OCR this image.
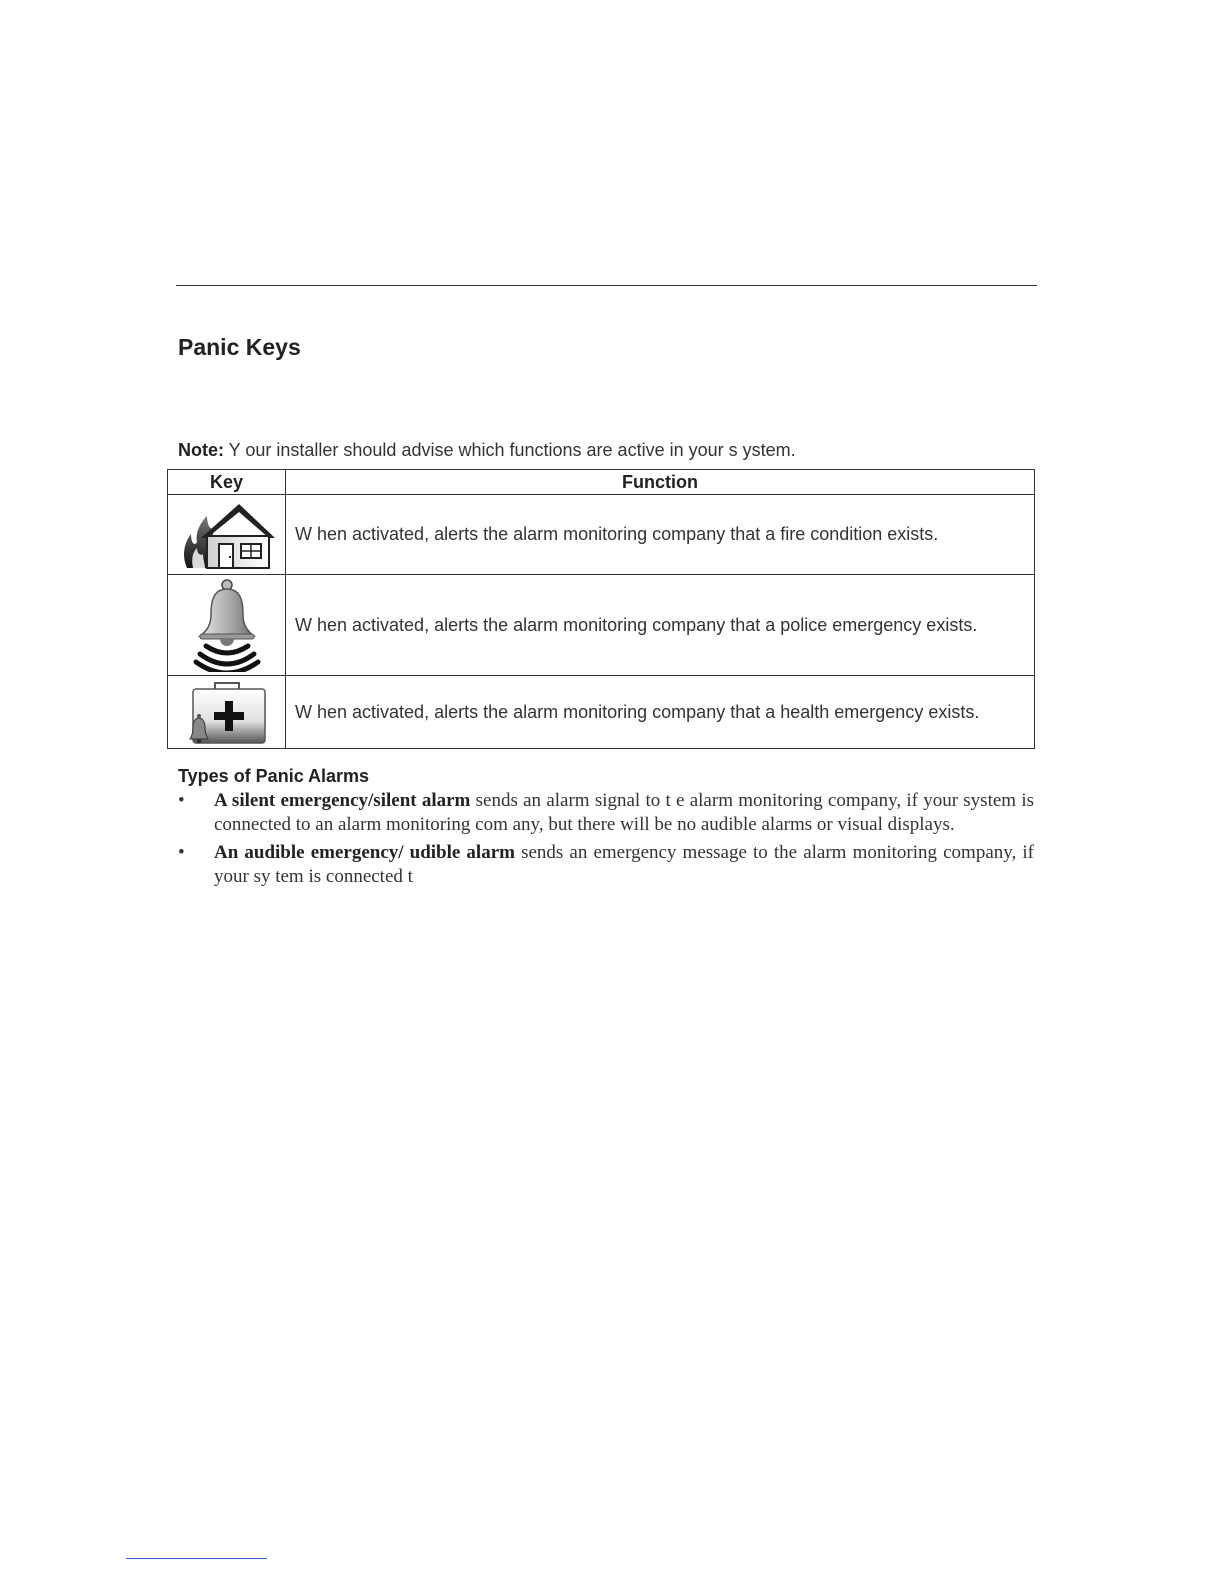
Panic Keys
Note: Y our installer should advise which functions are active in your s ystem.
Key	Function

	W hen activated, alerts the alarm monitoring company that a fire condition exists.

	W hen activated, alerts the alarm monitoring company that a police emergency exists.

	W hen activated, alerts the alarm monitoring company that a health emergency exists.
Types of Panic Alarms
• A silent emergency/silent alarm sends an alarm signal to t e alarm monitoring company, if your system is connected to an alarm monitoring com any, but there will be no audible alarms or visual displays.
• An audible emergency/ udible alarm sends an emergency message to the alarm monitoring company, if your sy tem is connected t
